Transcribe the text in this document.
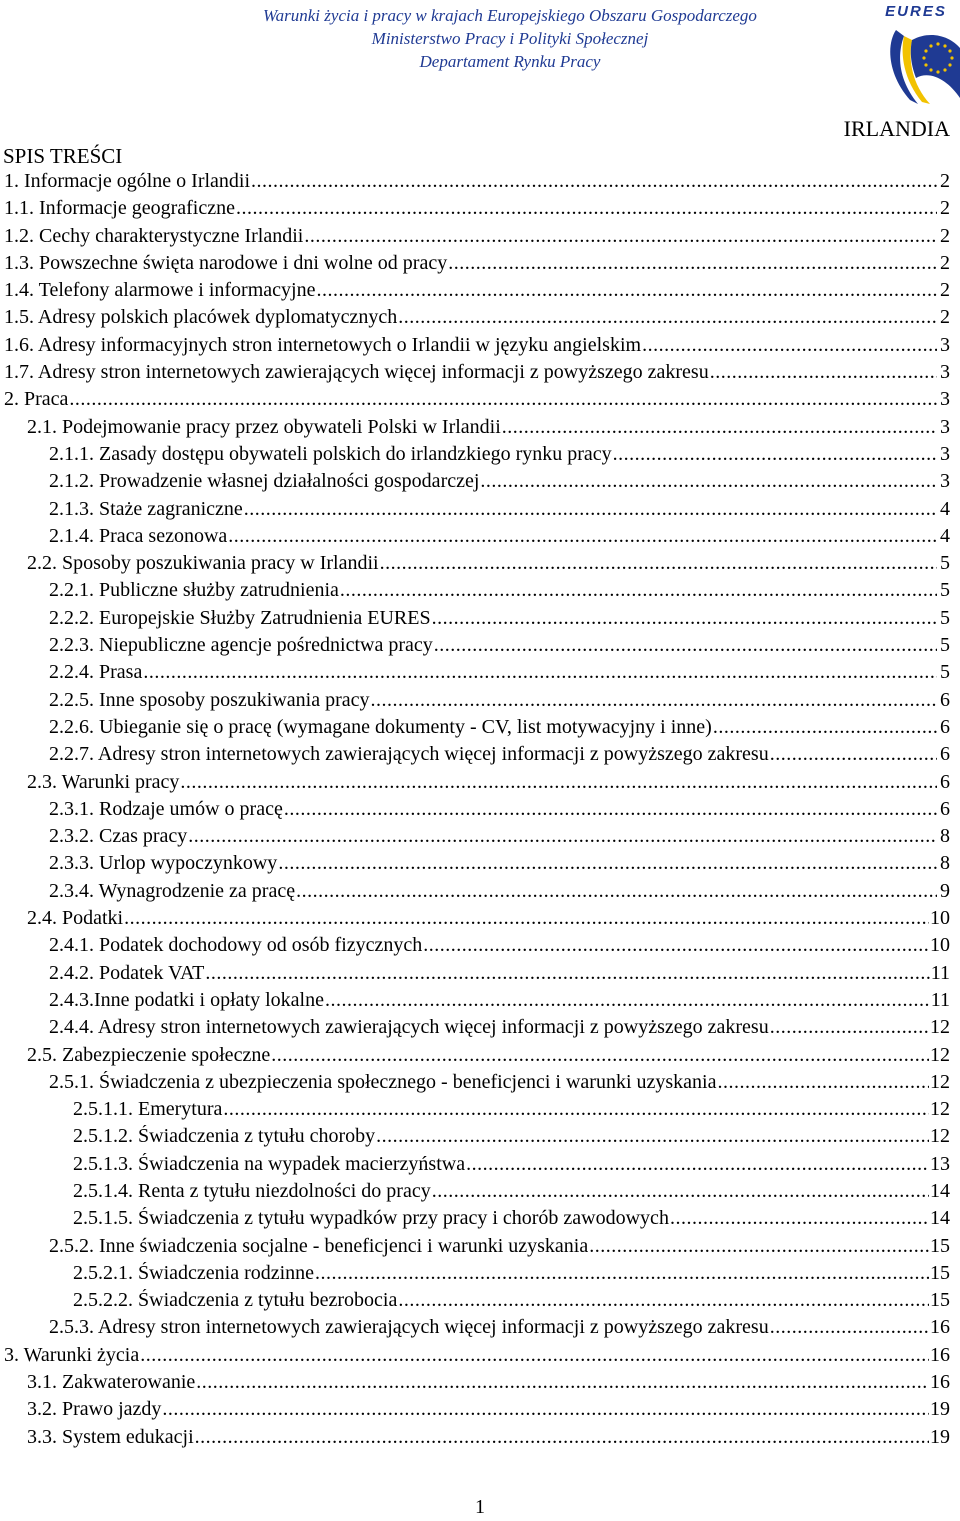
Warunki życia i pracy w krajach Europejskiego Obszaru Gospodarczego
Ministerstwo Pracy i Polityki Społecznej
Departament Rynku Pracy
EURES
IRLANDIA
SPIS TREŚCI
1. Informacje ogólne o Irlandii .....	2
1.1. Informacje geograficzne .....	2
1.2. Cechy charakterystyczne Irlandii .....	2
1.3. Powszechne święta narodowe i dni wolne od pracy .....	2
1.4. Telefony alarmowe i informacyjne .....	2
1.5. Adresy polskich placówek dyplomatycznych .....	2
1.6. Adresy informacyjnych stron internetowych o Irlandii w języku angielskim .....	3
1.7. Adresy stron internetowych zawierających więcej informacji z powyższego zakresu .....	3
2. Praca .....	3
2.1. Podejmowanie pracy przez obywateli Polski w Irlandii .....	3
2.1.1. Zasady dostępu obywateli polskich do irlandzkiego rynku pracy .....	3
2.1.2. Prowadzenie własnej działalności gospodarczej .....	3
2.1.3. Staże zagraniczne .....	4
2.1.4. Praca sezonowa .....	4
2.2. Sposoby poszukiwania pracy w Irlandii .....	5
2.2.1. Publiczne służby zatrudnienia .....	5
2.2.2. Europejskie Służby Zatrudnienia EURES .....	5
2.2.3. Niepubliczne agencje pośrednictwa pracy .....	5
2.2.4. Prasa .....	5
2.2.5. Inne sposoby poszukiwania pracy .....	6
2.2.6. Ubieganie się o pracę (wymagane dokumenty - CV, list motywacyjny i inne) .....	6
2.2.7. Adresy stron internetowych zawierających więcej informacji z powyższego zakresu .....	6
2.3. Warunki pracy .....	6
2.3.1. Rodzaje umów o pracę .....	6
2.3.2. Czas pracy .....	8
2.3.3. Urlop wypoczynkowy .....	8
2.3.4. Wynagrodzenie za pracę .....	9
2.4. Podatki .....	10
2.4.1. Podatek dochodowy od osób fizycznych .....	10
2.4.2. Podatek VAT .....	11
2.4.3.Inne podatki i opłaty lokalne .....	11
2.4.4. Adresy stron internetowych zawierających więcej informacji z powyższego zakresu .....	12
2.5. Zabezpieczenie społeczne .....	12
2.5.1. Świadczenia z ubezpieczenia społecznego - beneficjenci i warunki uzyskania .....	12
2.5.1.1. Emerytura .....	12
2.5.1.2. Świadczenia z tytułu choroby .....	12
2.5.1.3. Świadczenia na wypadek macierzyństwa .....	13
2.5.1.4. Renta z tytułu niezdolności do pracy .....	14
2.5.1.5. Świadczenia z tytułu wypadków przy pracy i chorób zawodowych .....	14
2.5.2. Inne świadczenia socjalne - beneficjenci i warunki uzyskania .....	15
2.5.2.1. Świadczenia rodzinne .....	15
2.5.2.2. Świadczenia z tytułu bezrobocia .....	15
2.5.3. Adresy stron internetowych zawierających więcej informacji z powyższego zakresu .....	16
3. Warunki życia .....	16
3.1. Zakwaterowanie .....	16
3.2. Prawo jazdy .....	19
3.3. System edukacji .....	19
1
